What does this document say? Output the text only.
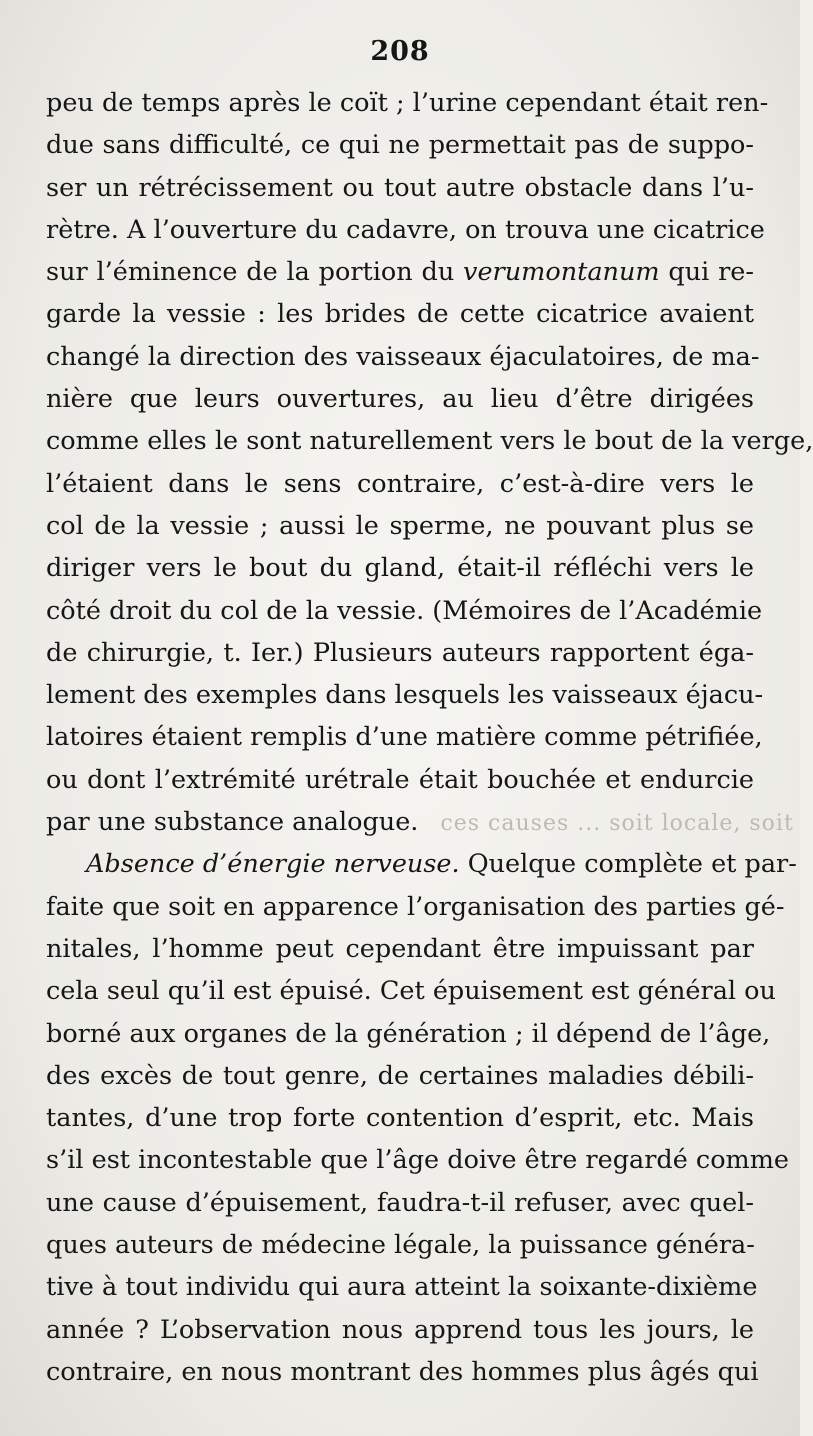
208
peu de temps après le coït ; l’urine cependant était ren-
due sans difficulté, ce qui ne permettait pas de suppo-
ser un rétrécissement ou tout autre obstacle dans l’u-
rètre. A l’ouverture du cadavre, on trouva une cicatrice
sur l’éminence de la portion du verumontanum qui re-
garde la vessie : les brides de cette cicatrice avaient
changé la direction des vaisseaux éjaculatoires, de ma-
nière que leurs ouvertures, au lieu d’être dirigées
comme elles le sont naturellement vers le bout de la verge,
l’étaient dans le sens contraire, c’est-à-dire vers le
col de la vessie ; aussi le sperme, ne pouvant plus se
diriger vers le bout du gland, était-il réfléchi vers le
côté droit du col de la vessie. (Mémoires de l’Académie
de chirurgie, t. Ier.) Plusieurs auteurs rapportent éga-
lement des exemples dans lesquels les vaisseaux éjacu-
latoires étaient remplis d’une matière comme pétrifiée,
ou dont l’extrémité urétrale était bouchée et endurcie
par une substance analogue. ces causes ... soit locale, soit
Absence d’énergie nerveuse. Quelque complète et par-
faite que soit en apparence l’organisation des parties gé-
nitales, l’homme peut cependant être impuissant par
cela seul qu’il est épuisé. Cet épuisement est général ou
borné aux organes de la génération ; il dépend de l’âge,
des excès de tout genre, de certaines maladies débili-
tantes, d’une trop forte contention d’esprit, etc. Mais
s’il est incontestable que l’âge doive être regardé comme
une cause d’épuisement, faudra-t-il refuser, avec quel-
ques auteurs de médecine légale, la puissance généra-
tive à tout individu qui aura atteint la soixante-dixième
année ? L’observation nous apprend tous les jours, le
contraire, en nous montrant des hommes plus âgés qui
